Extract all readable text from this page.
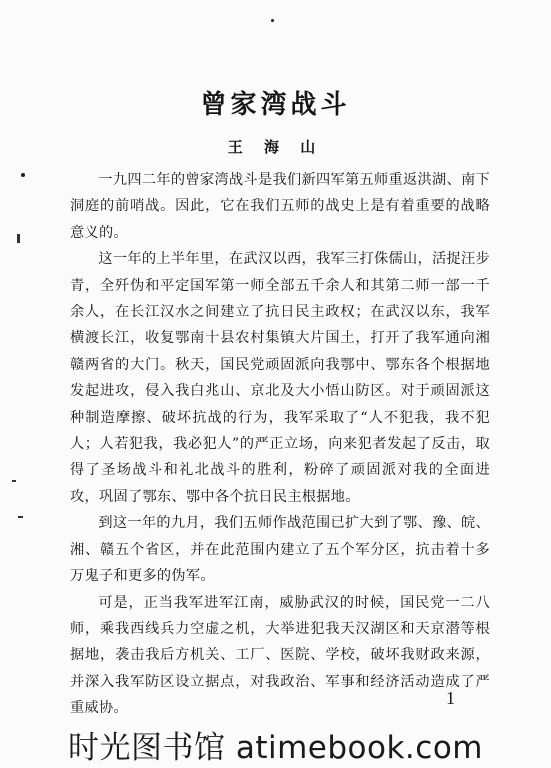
曾家湾战斗
王 海 山

一九四二年的曾家湾战斗是我们新四军第五师重返洪湖、南下洞庭的前哨战。因此，它在我们五师的战史上是有着重要的战略意义的。

这一年的上半年里，在武汉以西，我军三打侏儒山，活捉汪步青，全歼伪和平定国军第一师全部五千余人和其第二师一部一千余人，在长江汉水之间建立了抗日民主政权；在武汉以东，我军横渡长江，收复鄂南十县农村集镇大片国土，打开了我军通向湘赣两省的大门。秋天，国民党顽固派向我鄂中、鄂东各个根据地发起进攻，侵入我白兆山、京北及大小悟山防区。对于顽固派这种制造摩擦、破坏抗战的行为，我军采取了“人不犯我，我不犯人；人若犯我，我必犯人”的严正立场，向来犯者发起了反击，取得了圣场战斗和礼北战斗的胜利，粉碎了顽固派对我的全面进攻，巩固了鄂东、鄂中各个抗日民主根据地。

到这一年的九月，我们五师作战范围已扩大到了鄂、豫、皖、湘、赣五个省区，并在此范围内建立了五个军分区，抗击着十多万鬼子和更多的伪军。

可是，正当我军进军江南，威胁武汉的时候，国民党一二八师，乘我西线兵力空虚之机，大举进犯我天汉湖区和天京潜等根据地，袭击我后方机关、工厂、医院、学校，破坏我财政来源，并深入我军防区设立据点，对我政治、军事和经济活动造成了严重威协。

1
时光图书馆 atimebook.com
